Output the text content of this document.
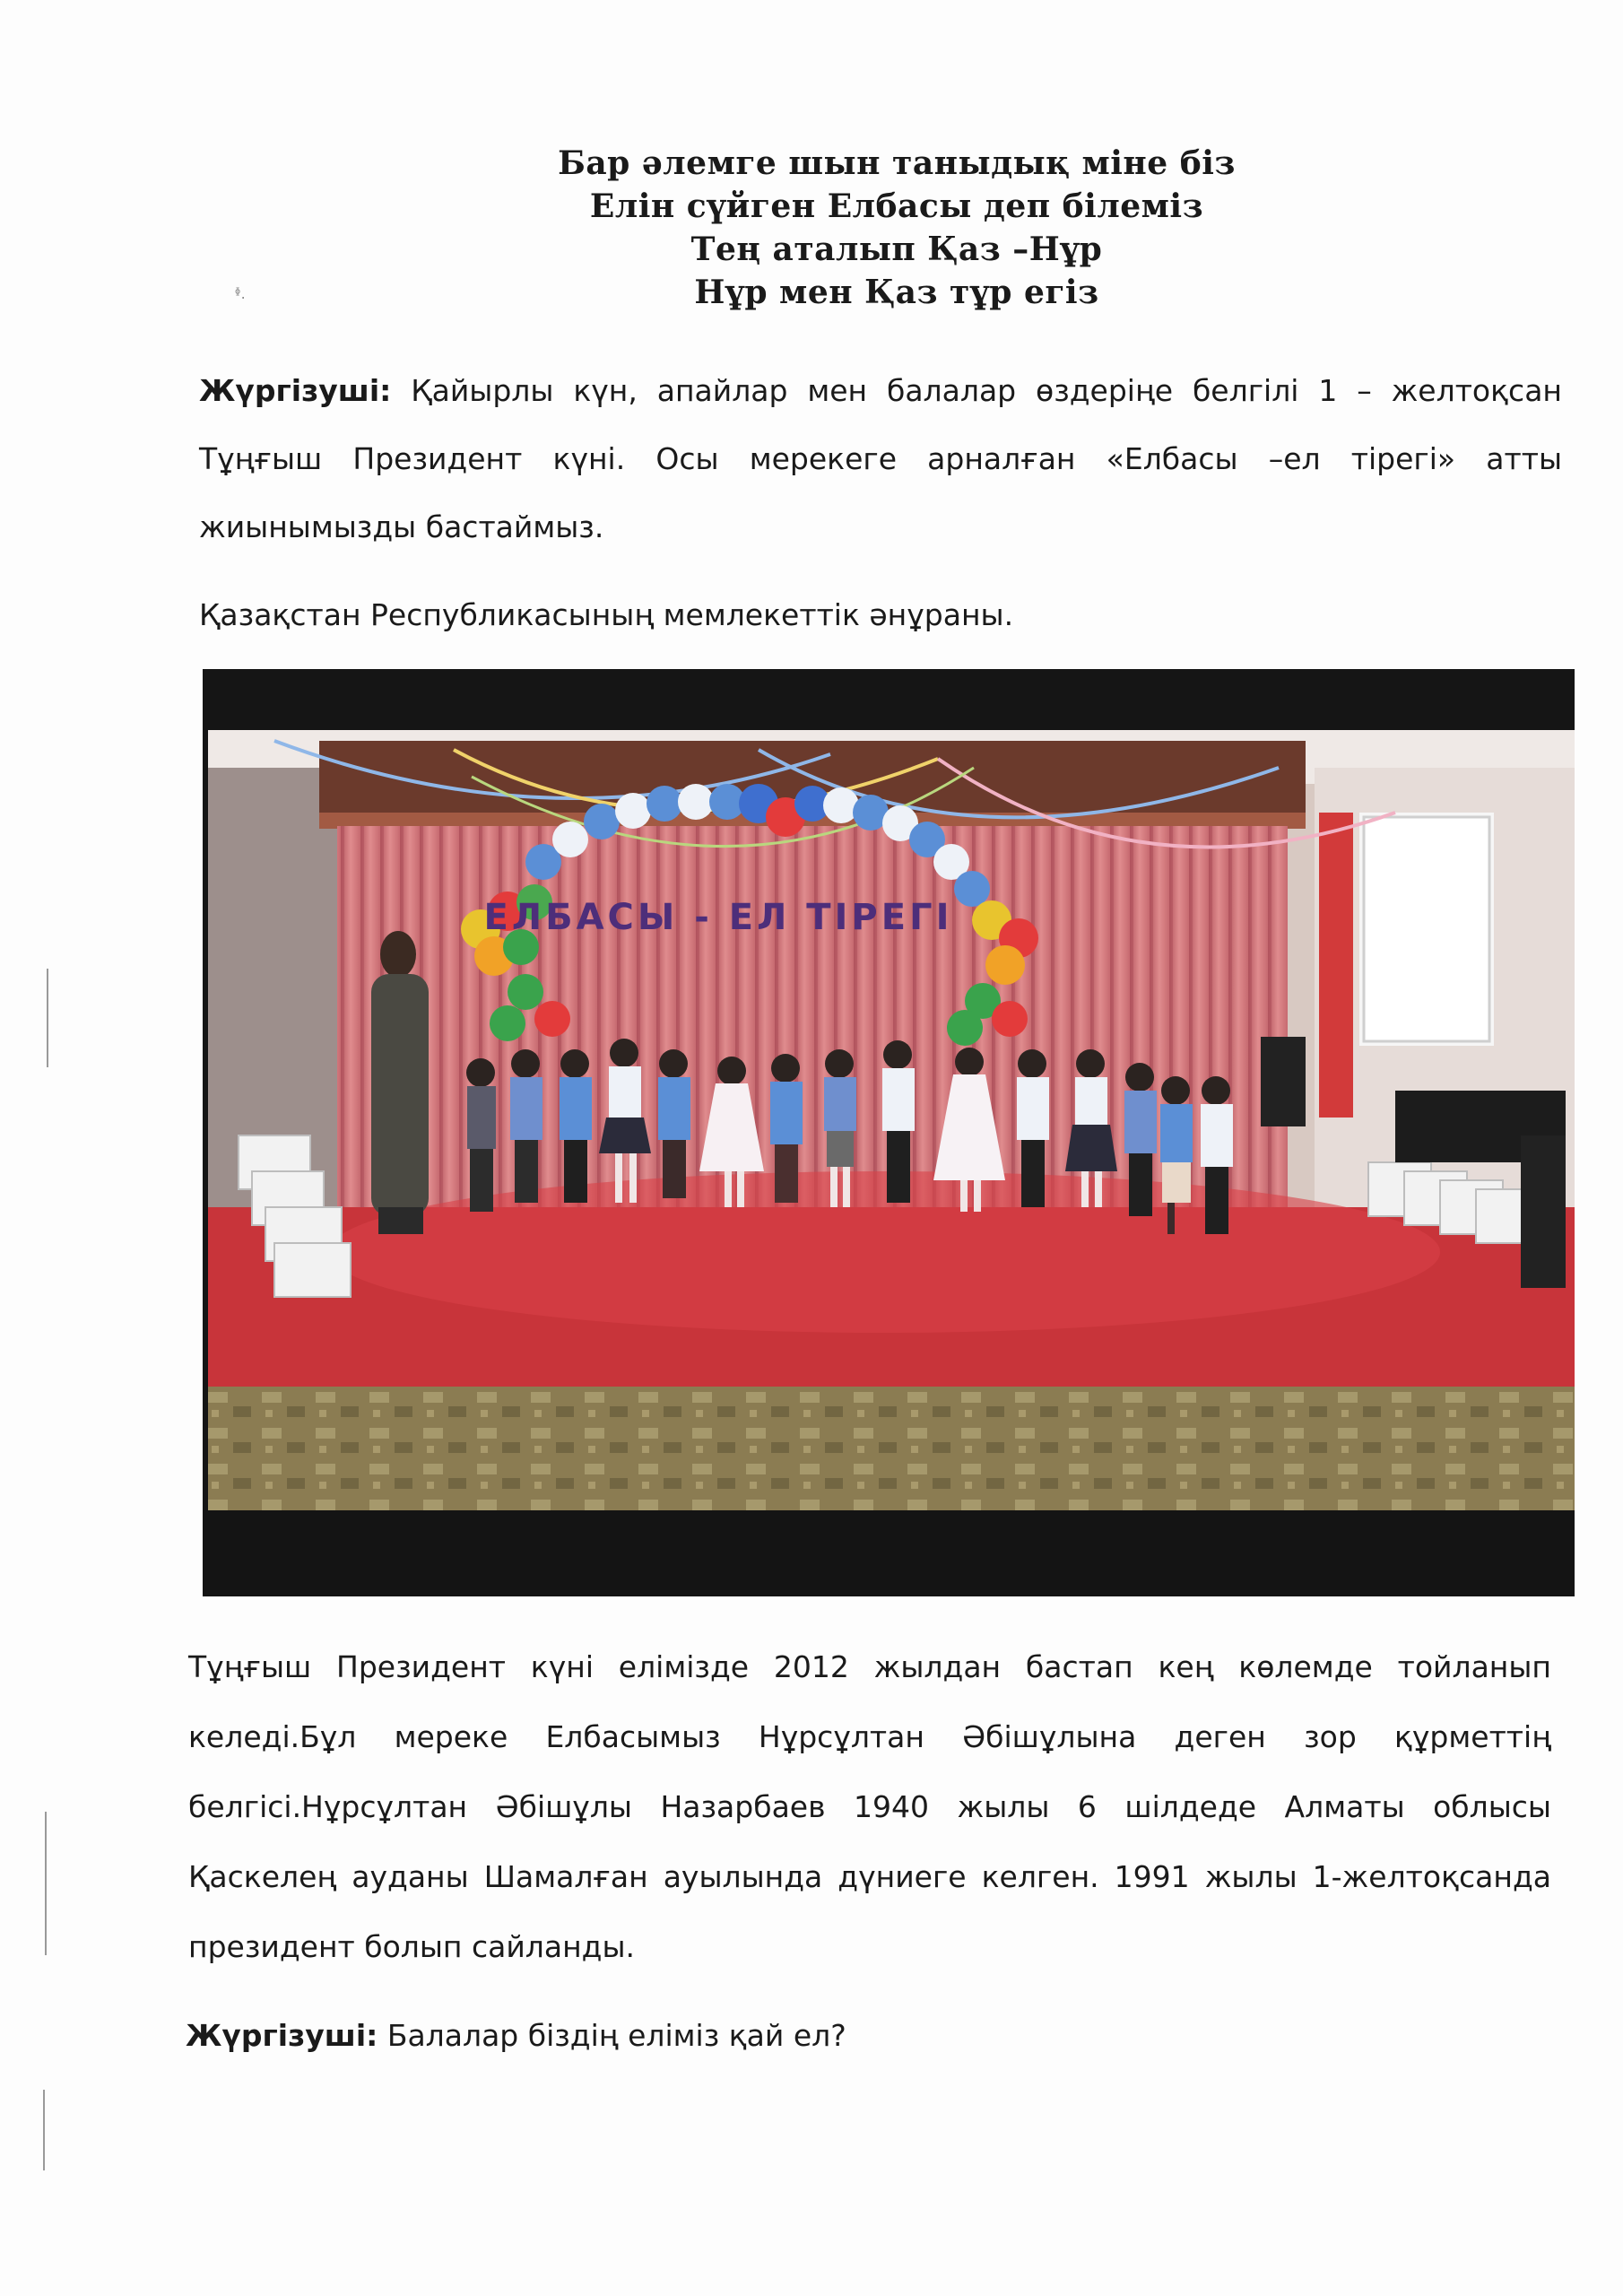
ᶲ.
Бар әлемге шын таныдық міне біз
Елін сүйген Елбасы деп білеміз
Тең аталып Қаз –Нұр
Нұр мен Қаз тұр егіз
Жүргізуші: Қайырлы күн, апайлар мен балалар өздеріңе белгілі 1 – желтоқсан Тұңғыш Президент күні. Осы мерекеге арналған «Елбасы –ел тірегі» атты жиынымызды бастаймыз.
Қазақстан Республикасының мемлекеттік әнұраны.
ЕЛБАСЫ - ЕЛ ТІРЕГІ
Тұңғыш Президент күні елімізде 2012 жылдан бастап кең көлемде тойланып келеді.Бұл мереке Елбасымыз Нұрсұлтан Әбішұлына деген зор құрметтің белгісі.Нұрсұлтан Әбішұлы Назарбаев 1940 жылы 6 шілдеде Алматы облысы Қаскелең ауданы Шамалған ауылында дүниеге келген. 1991 жылы 1-желтоқсанда президент болып сайланды.
Жүргізуші: Балалар біздің еліміз қай ел?
